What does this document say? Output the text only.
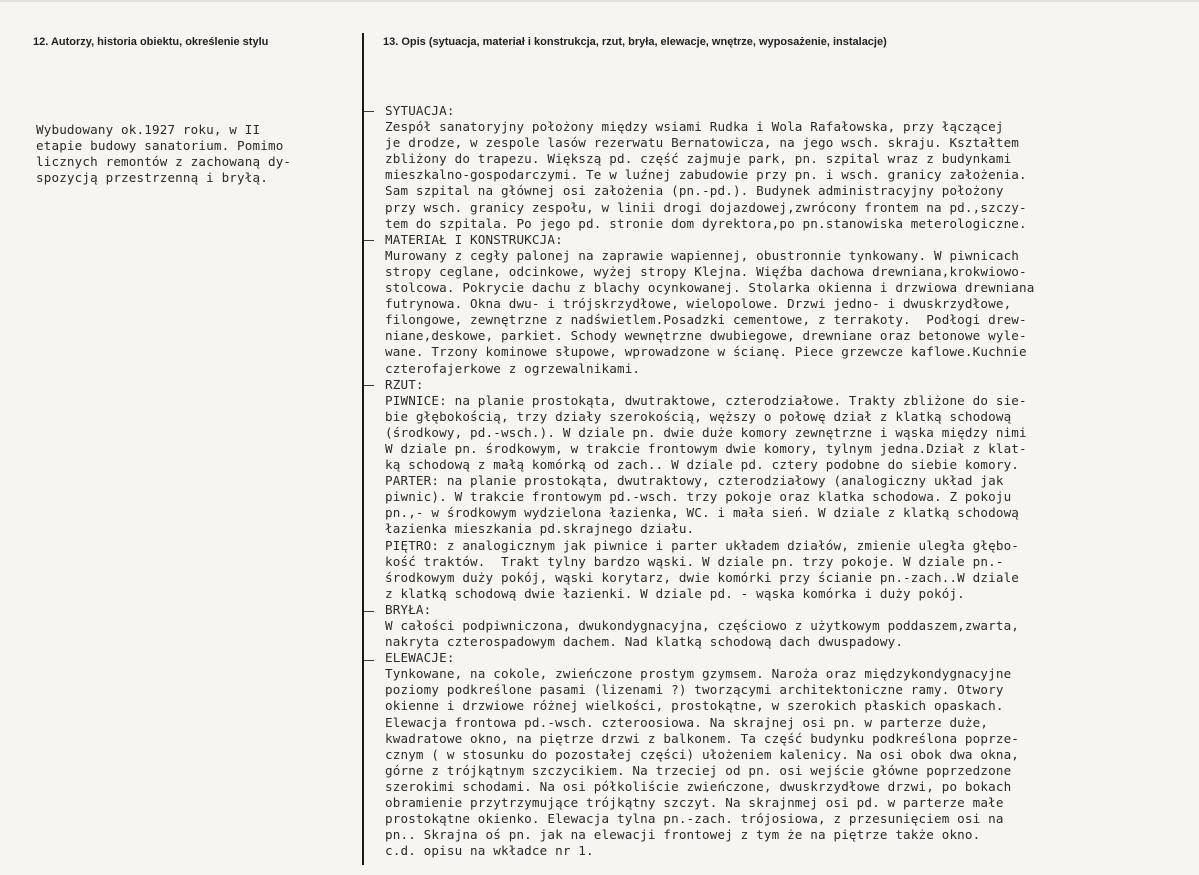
12. Autorzy, historia obiektu, określenie stylu	13. Opis (sytuacja, materiał i konstrukcja, rzut, bryła, elewacje, wnętrze, wyposażenie, instalacje)
Wybudowany ok.1927 roku, w II
etapie budowy sanatorium. Pomimo
licznych remontów z zachowaną dy-
spozycją przestrzenną i bryłą.
SYTUACJA:
Zespół sanatoryjny położony między wsiami Rudka i Wola Rafałowska, przy łączącej
je drodze, w zespole lasów rezerwatu Bernatowicza, na jego wsch. skraju. Kształtem
zbliżony do trapezu. Większą pd. część zajmuje park, pn. szpital wraz z budynkami
mieszkalno-gospodarczymi. Te w luźnej zabudowie przy pn. i wsch. granicy założenia.
Sam szpital na głównej osi założenia (pn.-pd.). Budynek administracyjny położony
przy wsch. granicy zespołu, w linii drogi dojazdowej,zwrócony frontem na pd.,szczy-
tem do szpitala. Po jego pd. stronie dom dyrektora,po pn.stanowiska meterologiczne.
MATERIAŁ I KONSTRUKCJA:
Murowany z cegły palonej na zaprawie wapiennej, obustronnie tynkowany. W piwnicach
stropy ceglane, odcinkowe, wyżej stropy Klejna. Więźba dachowa drewniana,krokwiowo-
stolcowa. Pokrycie dachu z blachy ocynkowanej. Stolarka okienna i drzwiowa drewniana
futrynowa. Okna dwu- i trójskrzydłowe, wielopolowe. Drzwi jedno- i dwuskrzydłowe,
filongowe, zewnętrzne z nadświetlem.Posadzki cementowe, z terrakoty.  Podłogi drew-
niane,deskowe, parkiet. Schody wewnętrzne dwubiegowe, drewniane oraz betonowe wyle-
wane. Trzony kominowe słupowe, wprowadzone w ścianę. Piece grzewcze kaflowe.Kuchnie
czterofajerkowe z ogrzewalnikami.
RZUT:
PIWNICE: na planie prostokąta, dwutraktowe, czterodziałowe. Trakty zbliżone do sie-
bie głębokością, trzy działy szerokością, węższy o połowę dział z klatką schodową
(środkowy, pd.-wsch.). W dziale pn. dwie duże komory zewnętrzne i wąska między nimi
W dziale pn. środkowym, w trakcie frontowym dwie komory, tylnym jedna.Dział z klat-
ką schodową z małą komórką od zach.. W dziale pd. cztery podobne do siebie komory.
PARTER: na planie prostokąta, dwutraktowy, czterodziałowy (analogiczny układ jak
piwnic). W trakcie frontowym pd.-wsch. trzy pokoje oraz klatka schodowa. Z pokoju
pn.,- w środkowym wydzielona łazienka, WC. i mała sień. W dziale z klatką schodową
łazienka mieszkania pd.skrajnego działu.
PIĘTRO: z analogicznym jak piwnice i parter układem działów, zmienie uległa głębo-
kość traktów.  Trakt tylny bardzo wąski. W dziale pn. trzy pokoje. W dziale pn.-
środkowym duży pokój, wąski korytarz, dwie komórki przy ścianie pn.-zach..W dziale
z klatką schodową dwie łazienki. W dziale pd. - wąska komórka i duży pokój.
BRYŁA:
W całości podpiwniczona, dwukondygnacyjna, częściowo z użytkowym poddaszem,zwarta,
nakryta czterospadowym dachem. Nad klatką schodową dach dwuspadowy.
ELEWACJE:
Tynkowane, na cokole, zwieńczone prostym gzymsem. Naroża oraz międzykondygnacyjne
poziomy podkreślone pasami (lizenami ?) tworzącymi architektoniczne ramy. Otwory
okienne i drzwiowe różnej wielkości, prostokątne, w szerokich płaskich opaskach.
Elewacja frontowa pd.-wsch. czteroosiowa. Na skrajnej osi pn. w parterze duże,
kwadratowe okno, na piętrze drzwi z balkonem. Ta część budynku podkreślona poprze-
cznym ( w stosunku do pozostałej części) ułożeniem kalenicy. Na osi obok dwa okna,
górne z trójkątnym szczycikiem. Na trzeciej od pn. osi wejście główne poprzedzone
szerokimi schodami. Na osi półkoliście zwieńczone, dwuskrzydłowe drzwi, po bokach
obramienie przytrzymujące trójkątny szczyt. Na skrajnmej osi pd. w parterze małe
prostokątne okienko. Elewacja tylna pn.-zach. trójosiowa, z przesunięciem osi na
pn.. Skrajna oś pn. jak na elewacji frontowej z tym że na piętrze także okno.
c.d. opisu na wkładce nr 1.
